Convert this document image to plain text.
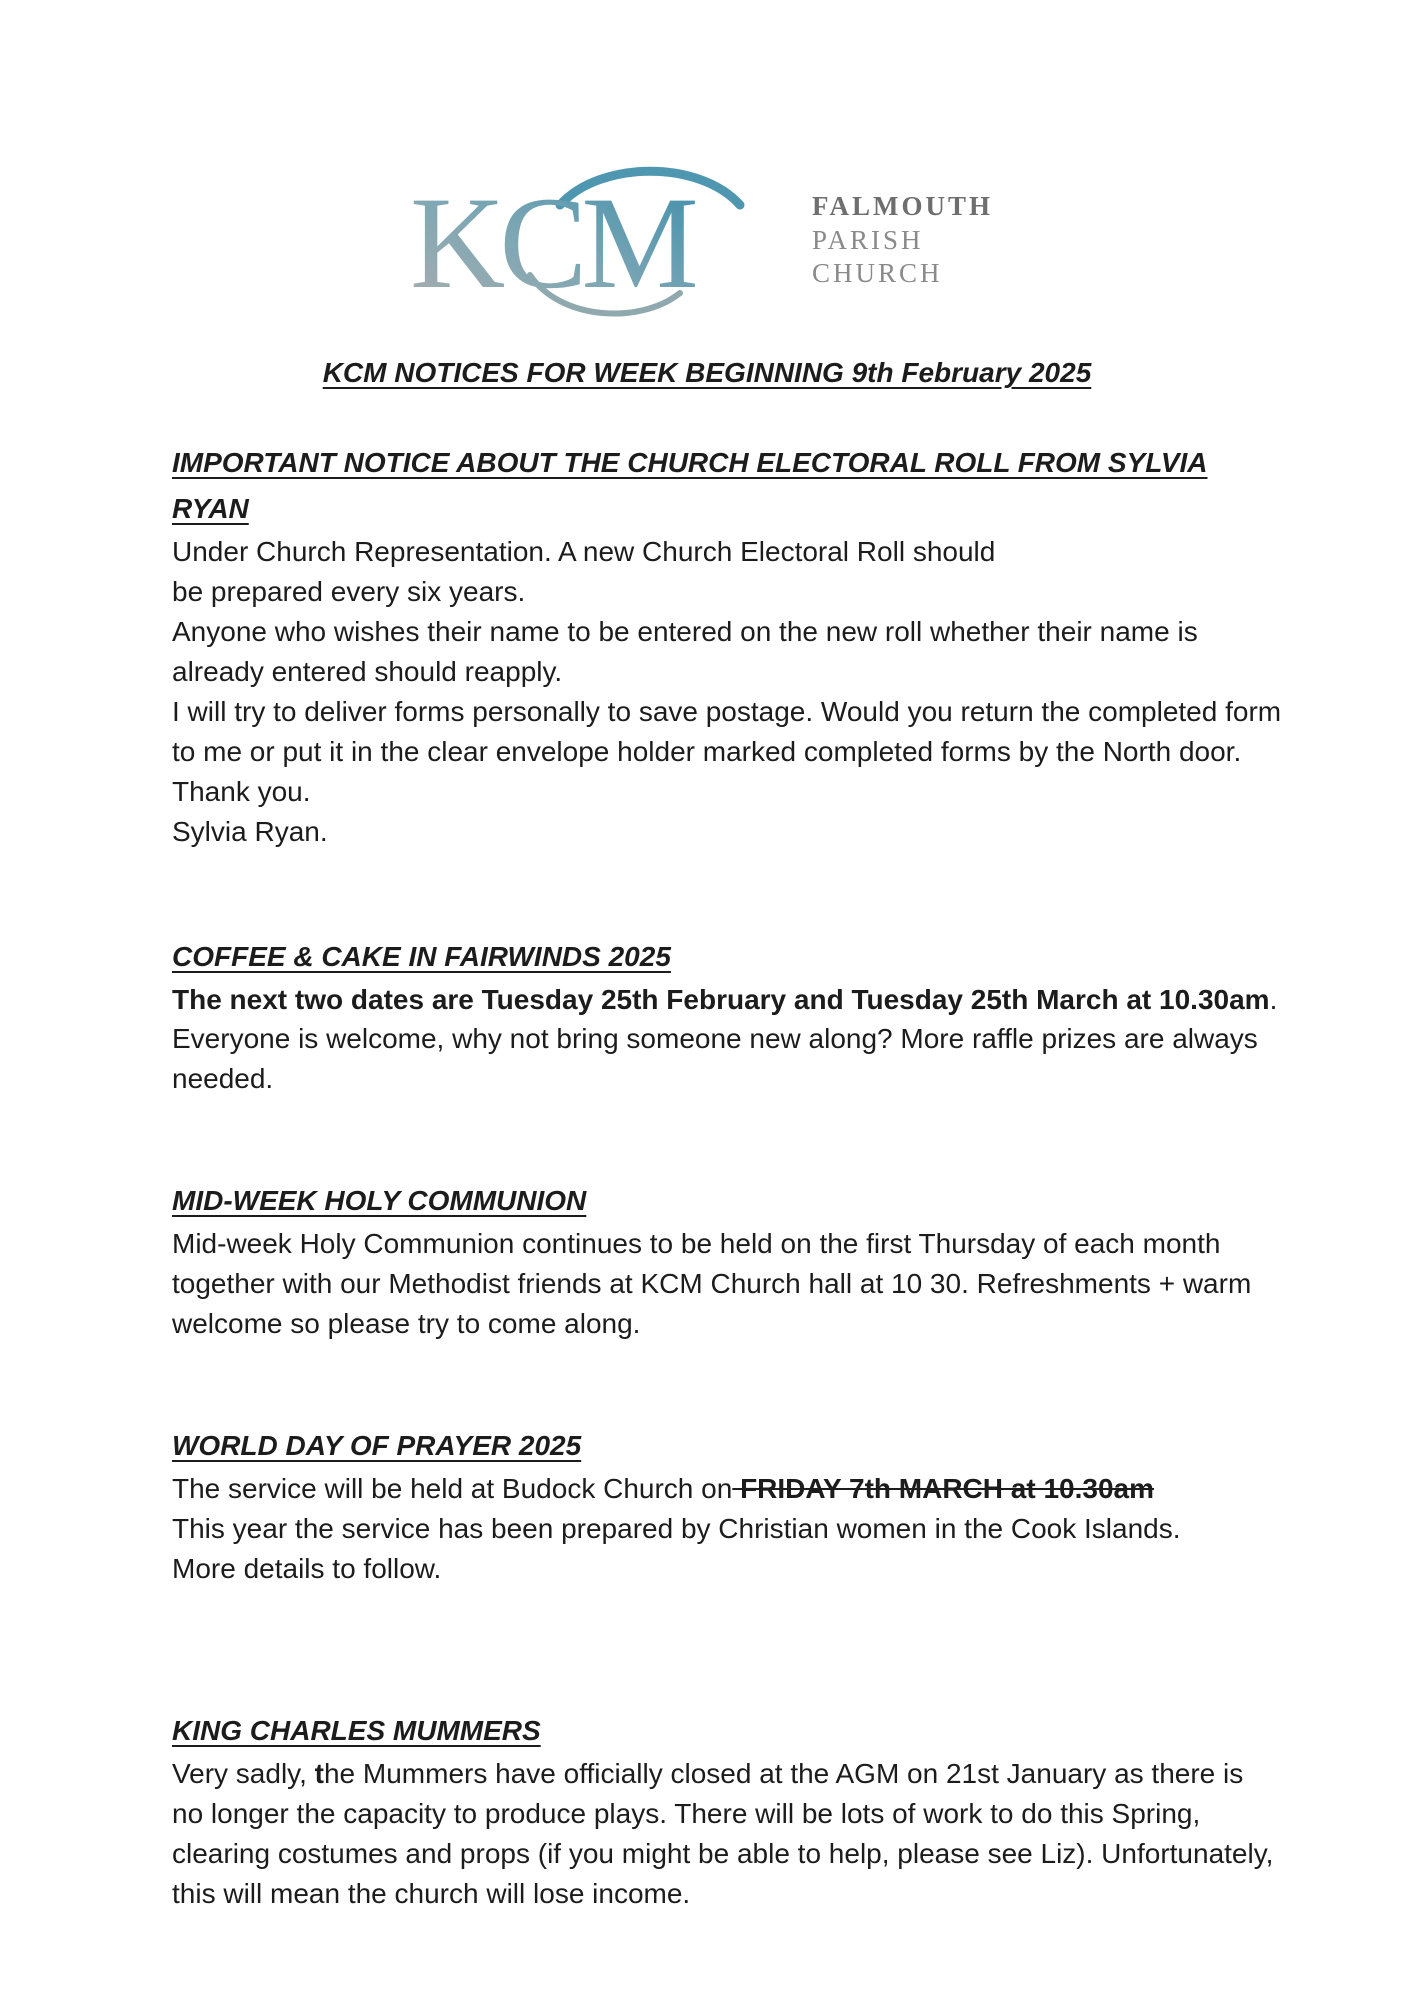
KCM	FALMOUTH
PARISH
CHURCH
KCM NOTICES FOR WEEK BEGINNING 9th February 2025
IMPORTANT NOTICE ABOUT THE CHURCH ELECTORAL ROLL FROM SYLVIA RYAN

Under Church Representation. A new Church Electoral Roll should

be prepared every six years.

Anyone who wishes their name to be entered on the new roll whether their name is already entered should reapply.

I will try to deliver forms personally to save postage. Would you return the completed form to me or put it in the clear envelope holder marked completed forms by the North door.

Thank you.

Sylvia Ryan.

COFFEE & CAKE IN FAIRWINDS 2025

The next two dates are Tuesday 25th February and Tuesday 25th March at 10.30am.

Everyone is welcome, why not bring someone new along? More raffle prizes are always needed.

MID-WEEK HOLY COMMUNION

Mid-week Holy Communion continues to be held on the first Thursday of each month together with our Methodist friends at KCM Church hall at 10 30. Refreshments + warm welcome so please try to come along.

WORLD DAY OF PRAYER 2025

The service will be held at Budock Church on FRIDAY 7th MARCH at 10.30am

This year the service has been prepared by Christian women in the Cook Islands.

More details to follow.

KING CHARLES MUMMERS

Very sadly, the Mummers have officially closed at the AGM on 21st January as there is no longer the capacity to produce plays. There will be lots of work to do this Spring, clearing costumes and props (if you might be able to help, please see Liz). Unfortunately, this will mean the church will lose income.
